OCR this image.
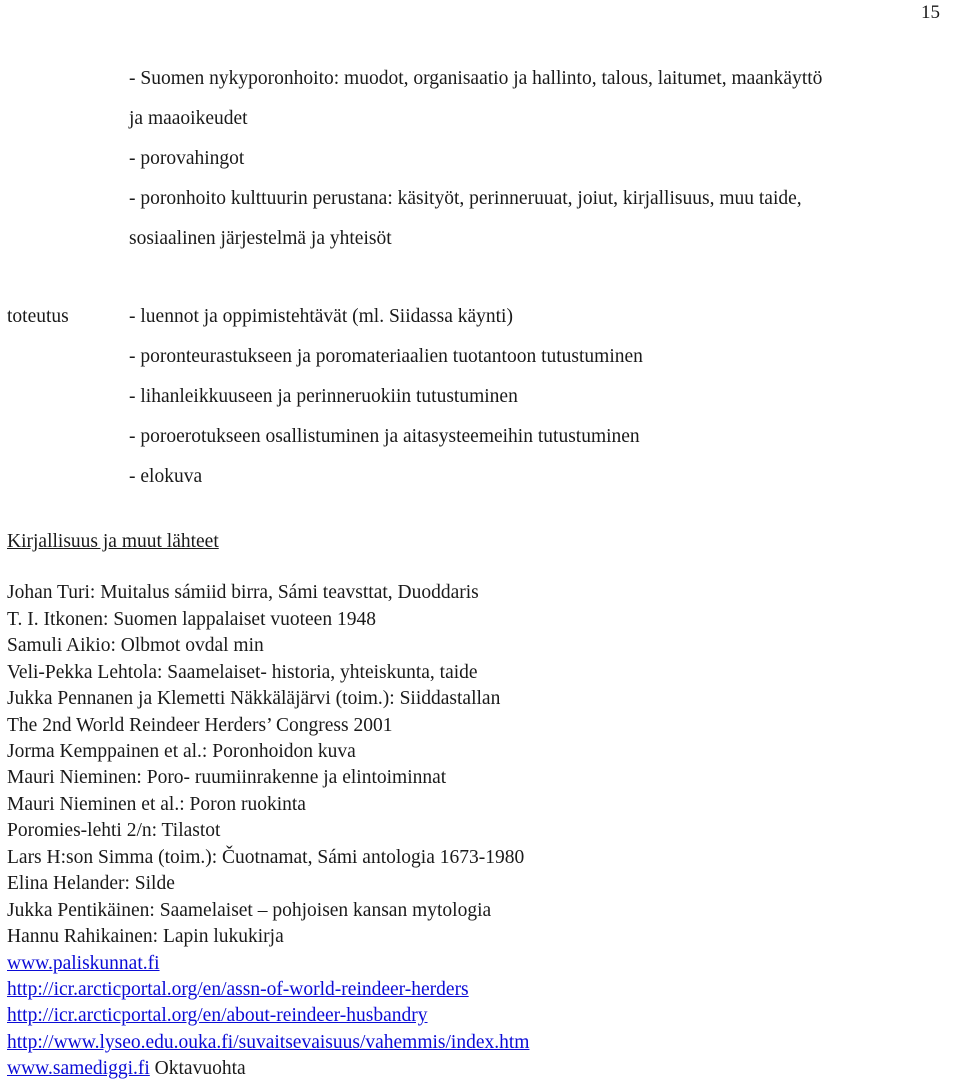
15
- Suomen nykyporonhoito: muodot, organisaatio ja hallinto, talous, laitumet, maankäyttö
ja maaoikeudet
- porovahingot
- poronhoito kulttuurin perustana: käsityöt, perinneruuat, joiut, kirjallisuus, muu taide,
sosiaalinen järjestelmä ja yhteisöt
toteutus	- luennot ja oppimistehtävät (ml. Siidassa käynti)
- poronteurastukseen ja poromateriaalien tuotantoon tutustuminen
- lihanleikkuuseen ja perinneruokiin tutustuminen
- poroerotukseen osallistuminen ja aitasysteemeihin tutustuminen
- elokuva
Kirjallisuus ja muut lähteet
Johan Turi: Muitalus sámiid birra, Sámi teavsttat, Duoddaris
T. I. Itkonen: Suomen lappalaiset vuoteen 1948
Samuli Aikio: Olbmot ovdal min
Veli-Pekka Lehtola: Saamelaiset- historia, yhteiskunta, taide
Jukka Pennanen ja Klemetti Näkkäläjärvi (toim.): Siiddastallan
The 2nd World Reindeer Herders’ Congress 2001
Jorma Kemppainen et al.: Poronhoidon kuva
Mauri Nieminen: Poro- ruumiinrakenne ja elintoiminnat
Mauri Nieminen et al.: Poron ruokinta
Poromies-lehti 2/n: Tilastot
Lars H:son Simma (toim.): Čuotnamat, Sámi antologia 1673-1980
Elina Helander: Silde
Jukka Pentikäinen: Saamelaiset – pohjoisen kansan mytologia
Hannu Rahikainen: Lapin lukukirja
www.paliskunnat.fi
http://icr.arcticportal.org/en/assn-of-world-reindeer-herders
http://icr.arcticportal.org/en/about-reindeer-husbandry
http://www.lyseo.edu.ouka.fi/suvaitsevaisuus/vahemmis/index.htm
www.samediggi.fi Oktavuohta
